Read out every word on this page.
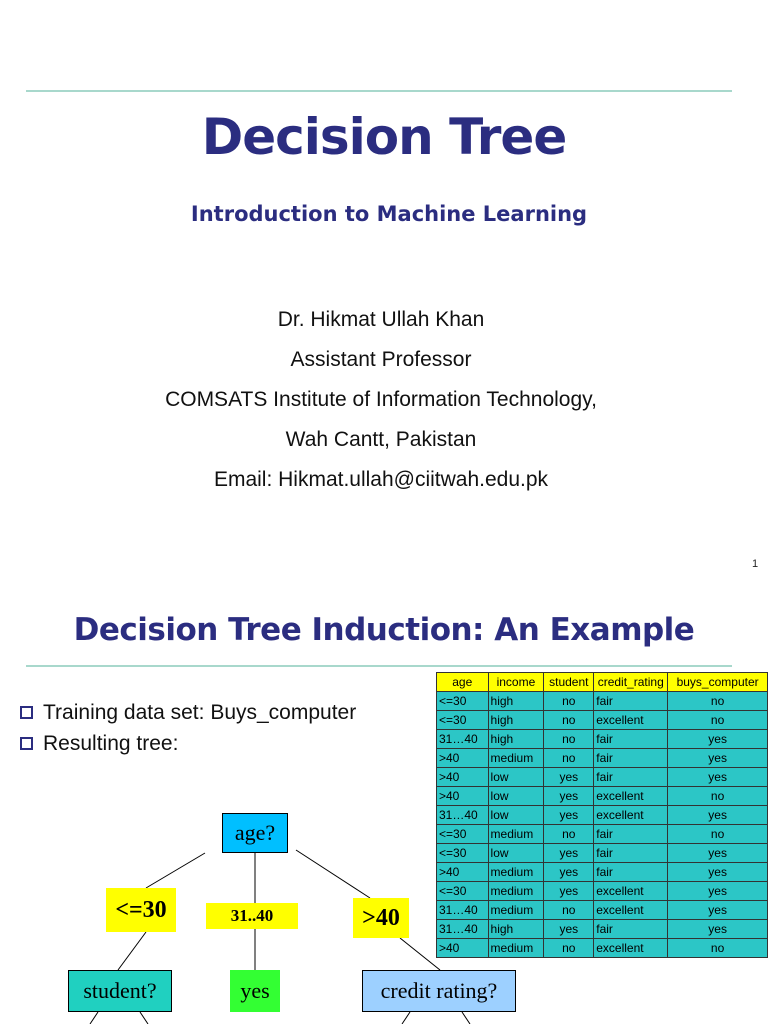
Decision Tree
Introduction to Machine Learning
Dr. Hikmat Ullah Khan
Assistant Professor
COMSATS Institute of Information Technology,
Wah Cantt, Pakistan
Email: Hikmat.ullah@ciitwah.edu.pk
1
Decision Tree Induction: An Example
Training data set: Buys_computer
Resulting tree:
age	income	student	credit_rating	buys_computer
<=30	high	no	fair	no
<=30	high	no	excellent	no
31…40	high	no	fair	yes
>40	medium	no	fair	yes
>40	low	yes	fair	yes
>40	low	yes	excellent	no
31…40	low	yes	excellent	yes
<=30	medium	no	fair	no
<=30	low	yes	fair	yes
>40	medium	yes	fair	yes
<=30	medium	yes	excellent	yes
31…40	medium	no	excellent	yes
31…40	high	yes	fair	yes
>40	medium	no	excellent	no
age?
<=30	31..40	>40
student?	yes	credit rating?
